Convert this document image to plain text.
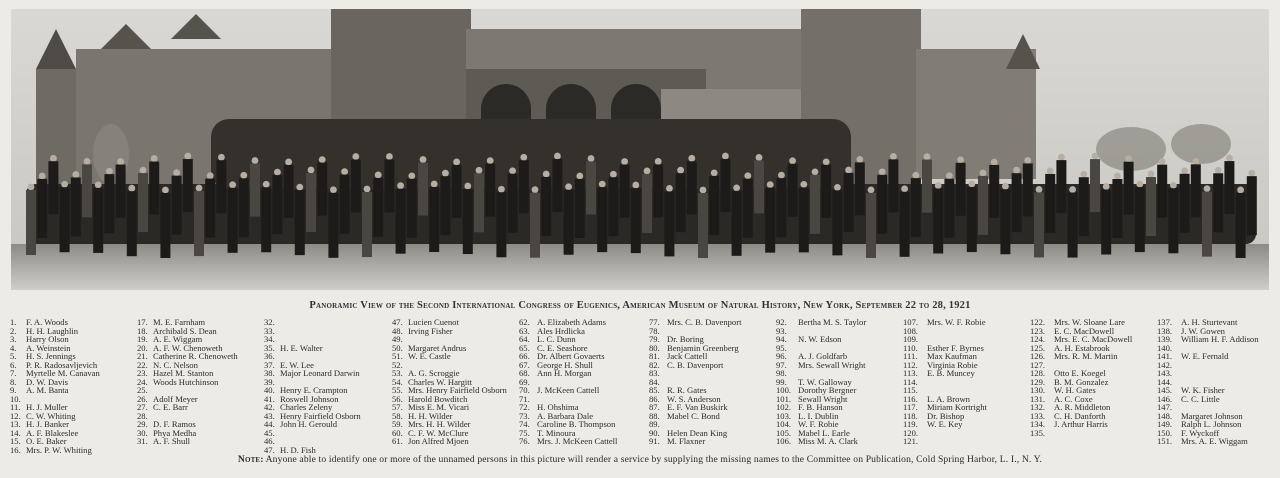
Panoramic View of the Second International Congress of Eugenics, American Museum of Natural History, New York, September 22 to 28, 1921
1. F. A. Woods
2. H. H. Laughlin
3. Harry Olson
4. A. Weinstein
5. H. S. Jennings
6. P. R. Radosavljevich
7. Myrtelle M. Canavan
8. D. W. Davis
9. A. M. Banta
10.
11. H. J. Muller
12. C. W. Whiting
13. H. J. Banker
14. A. F. Blakeslee
15. O. E. Baker
16. Mrs. P. W. Whiting
17. M. E. Farnham
18. Archibald S. Dean
19. A. E. Wiggam
20. A. F. W. Chenoweth
21. Catherine R. Chenoweth
22. N. C. Nelson
23. Hazel M. Stanton
24. Woods Hutchinson
25.
26. Adolf Meyer
27. C. E. Barr
28.
29. D. F. Ramos
30. Phya Medha
31. A. F. Shull
32.
33.
34.
35. H. E. Walter
36.
37. E. W. Lee
38. Major Leonard Darwin
39.
40. Henry E. Crampton
41. Roswell Johnson
42. Charles Zeleny
43. Henry Fairfield Osborn
44. John H. Gerould
45.
46.
47. H. D. Fish
47. Lucien Cuenot
48. Irving Fisher
49.
50. Margaret Andrus
51. W. E. Castle
52.
53. A. G. Scroggie
54. Charles W. Hargitt
55. Mrs. Henry Fairfield Osborn
56. Harold Bowditch
57. Miss E. M. Vicari
58. H. H. Wilder
59. Mrs. H. H. Wilder
60. C. F. W. McClure
61. Jon Alfred Mjoen
62. A. Elizabeth Adams
63. Ales Hrdlicka
64. L. C. Dunn
65. C. E. Seashore
66. Dr. Albert Govaerts
67. George H. Shull
68. Ann H. Morgan
69.
70. J. McKeen Cattell
71.
72. H. Ohshima
73. A. Barbara Dale
74. Caroline B. Thompson
75. T. Minoura
76. Mrs. J. McKeen Cattell
77. Mrs. C. B. Davenport
78.
79. Dr. Boring
80. Benjamin Greenberg
81. Jack Cattell
82. C. B. Davenport
83.
84.
85. R. R. Gates
86. W. S. Anderson
87. E. F. Van Buskirk
88. Mabel C. Bond
89.
90. Helen Dean King
91. M. Flaxner
92. Bertha M. S. Taylor
93.
94. N. W. Edson
95.
96. A. J. Goldfarb
97. Mrs. Sewall Wright
98.
99. T. W. Galloway
100. Dorothy Bergner
101. Sewall Wright
102. F. B. Hanson
103. L. I. Dublin
104. W. F. Robie
105. Mabel L. Earle
106. Miss M. A. Clark
107. Mrs. W. F. Robie
108.
109.
110. Esther F. Byrnes
111. Max Kaufman
112. Virginia Robie
113. E. B. Muncey
114.
115.
116. L. A. Brown
117. Miriam Kortright
118. Dr. Bishop
119. W. E. Key
120.
121.
122. Mrs. W. Sloane Lare
123. E. C. MacDowell
124. Mrs. E. C. MacDowell
125. A. H. Estabrook
126. Mrs. R. M. Martin
127.
128. Otto E. Koegel
129. B. M. Gonzalez
130. W. H. Gates
131. A. C. Coxe
132. A. R. Middleton
133. C. H. Danforth
134. J. Arthur Harris
135.
137. A. H. Sturtevant
138. J. W. Gowen
139. William H. F. Addison
140.
141. W. E. Fernald
142.
143.
144.
145. W. K. Fisher
146. C. C. Little
147.
148. Margaret Johnson
149. Ralph L. Johnson
150. F. Wyckoff
151. Mrs. A. E. Wiggam
Note: Anyone able to identify one or more of the unnamed persons in this picture will render a service by supplying the missing names to the Committee on Publication, Cold Spring Harbor, L. I., N. Y.
